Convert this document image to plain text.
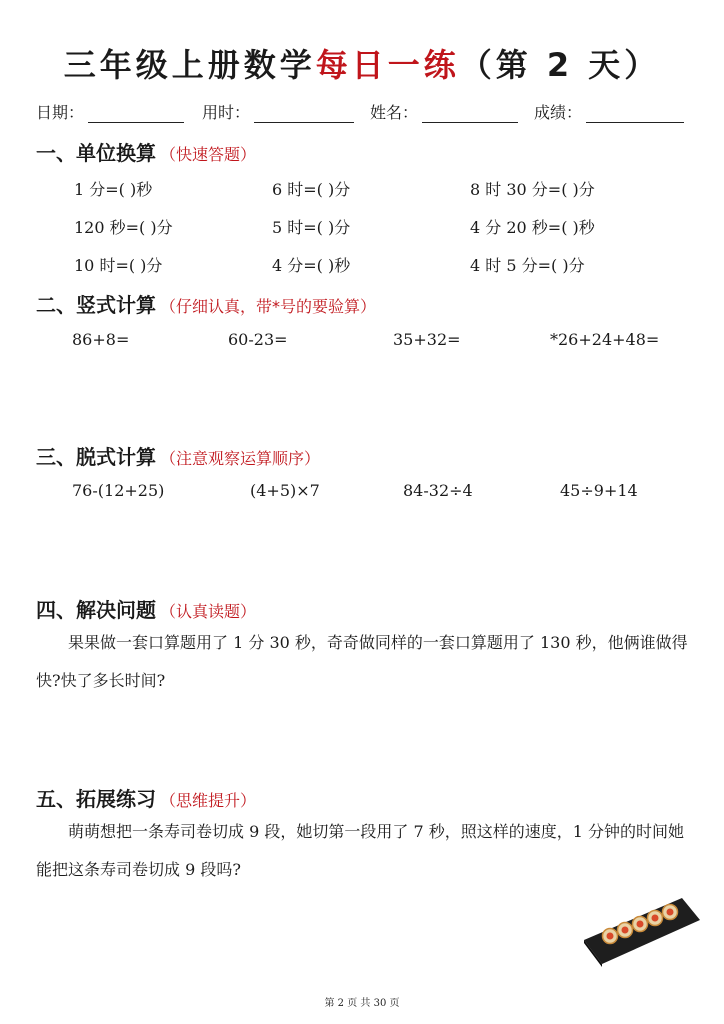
三年级上册数学每日一练（第 2 天）
日期：	用时：	姓名：	成绩：
一、单位换算 （快速答题）
1 分=( )秒	6 时=( )分	8 时 30 分=( )分
120 秒=( )分	5 时=( )分	4 分 20 秒=( )秒
10 时=( )分	4 分=( )秒	4 时 5 分=( )分
二、竖式计算 （仔细认真，带*号的要验算）
86+8=	60-23=	35+32=	*26+24+48=
三、脱式计算 （注意观察运算顺序）
76-(12+25)	(4+5)×7	84-32÷4	45÷9+14
四、解决问题 （认真读题）
果果做一套口算题用了 1 分 30 秒，奇奇做同样的一套口算题用了 130 秒，他俩谁做得快?快了多长时间?
五、拓展练习 （思维提升）
萌萌想把一条寿司卷切成 9 段，她切第一段用了 7 秒，照这样的速度，1 分钟的时间她能把这条寿司卷切成 9 段吗?
第 2 页 共 30 页
